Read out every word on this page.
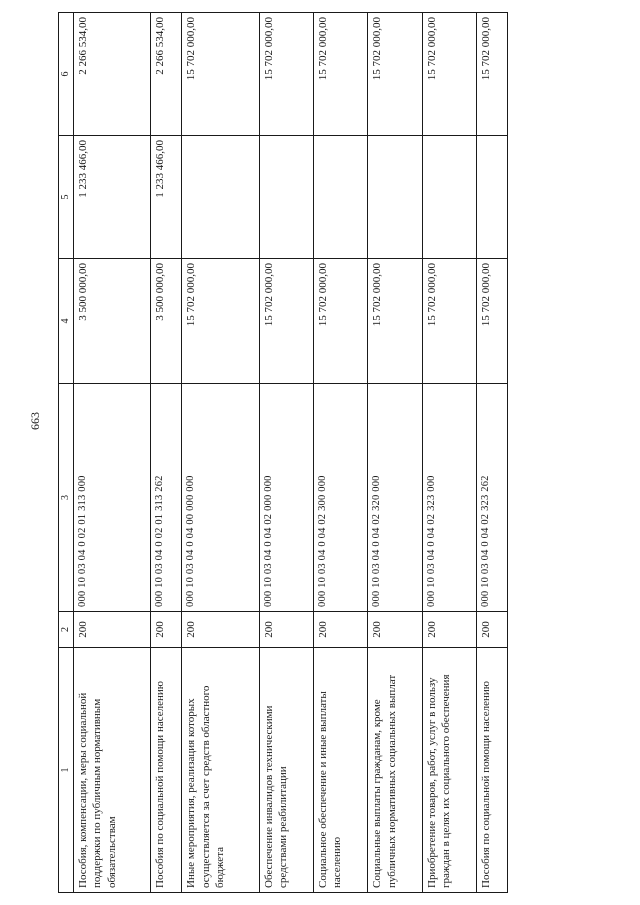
663
1	2	3	4	5	6
Пособия, компенсации, меры социальной поддержки по публичным нормативным обязательствам	200	000 10 03 04 0 02 01 313 000	3 500 000,00	1 233 466,00	2 266 534,00
Пособия по социальной помощи населению	200	000 10 03 04 0 02 01 313 262	3 500 000,00	1 233 466,00	2 266 534,00
Иные мероприятия, реализация которых осуществляется за счет средств областного бюджета	200	000 10 03 04 0 04 00 000 000	15 702 000,00		15 702 000,00
Обеспечение инвалидов техническими средствами реабилитации	200	000 10 03 04 0 04 02 000 000	15 702 000,00		15 702 000,00
Социальное обеспечение и иные выплаты населению	200	000 10 03 04 0 04 02 300 000	15 702 000,00		15 702 000,00
Социальные выплаты гражданам, кроме публичных нормативных социальных выплат	200	000 10 03 04 0 04 02 320 000	15 702 000,00		15 702 000,00
Приобретение товаров, работ, услуг в пользу граждан в целях их социального обеспечения	200	000 10 03 04 0 04 02 323 000	15 702 000,00		15 702 000,00
Пособия по социальной помощи населению	200	000 10 03 04 0 04 02 323 262	15 702 000,00		15 702 000,00
